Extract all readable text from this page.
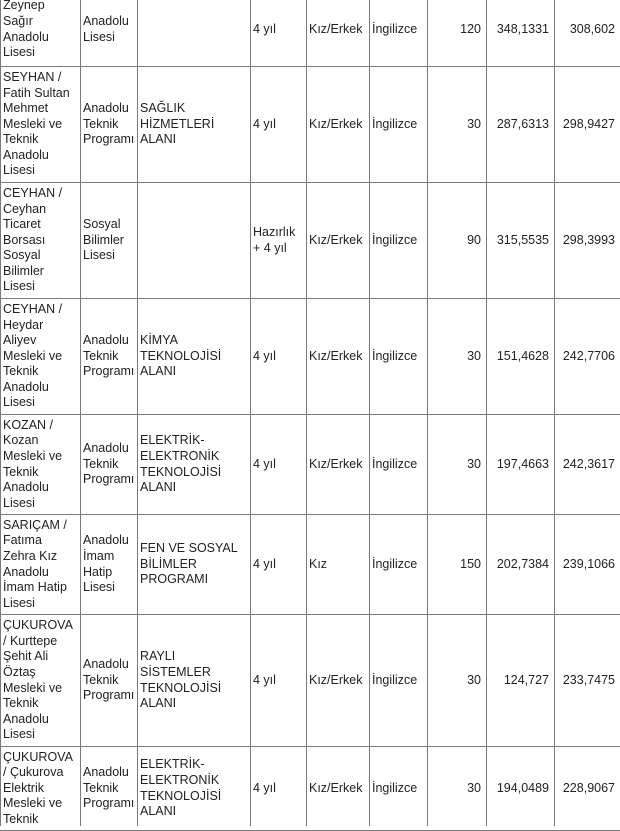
Zeynep Sağır Anadolu Lisesi	Anadolu Lisesi		4 yıl	Kız/Erkek	İngilizce	120	348,1331	308,602
SEYHAN / Fatih Sultan Mehmet Mesleki ve Teknik Anadolu Lisesi	Anadolu Teknik Programı	SAĞLIK HİZMETLERİ ALANI	4 yıl	Kız/Erkek	İngilizce	30	287,6313	298,9427
CEYHAN / Ceyhan Ticaret Borsası Sosyal Bilimler Lisesi	Sosyal Bilimler Lisesi		Hazırlık + 4 yıl	Kız/Erkek	İngilizce	90	315,5535	298,3993
CEYHAN / Heydar Aliyev Mesleki ve Teknik Anadolu Lisesi	Anadolu Teknik Programı	KİMYA TEKNOLOJİSİ ALANI	4 yıl	Kız/Erkek	İngilizce	30	151,4628	242,7706
KOZAN / Kozan Mesleki ve Teknik Anadolu Lisesi	Anadolu Teknik Programı	ELEKTRİK-ELEKTRONİK TEKNOLOJİSİ ALANI	4 yıl	Kız/Erkek	İngilizce	30	197,4663	242,3617
SARIÇAM / Fatıma Zehra Kız Anadolu İmam Hatip Lisesi	Anadolu İmam Hatip Lisesi	FEN VE SOSYAL BİLİMLER PROGRAMI	4 yıl	Kız	İngilizce	150	202,7384	239,1066
ÇUKUROVA / Kurttepe Şehit Ali Öztaş Mesleki ve Teknik Anadolu Lisesi	Anadolu Teknik Programı	RAYLI SİSTEMLER TEKNOLOJİSİ ALANI	4 yıl	Kız/Erkek	İngilizce	30	124,727	233,7475
ÇUKUROVA / Çukurova Elektrik Mesleki ve Teknik	Anadolu Teknik Programı	ELEKTRİK-ELEKTRONİK TEKNOLOJİSİ ALANI	4 yıl	Kız/Erkek	İngilizce	30	194,0489	228,9067
